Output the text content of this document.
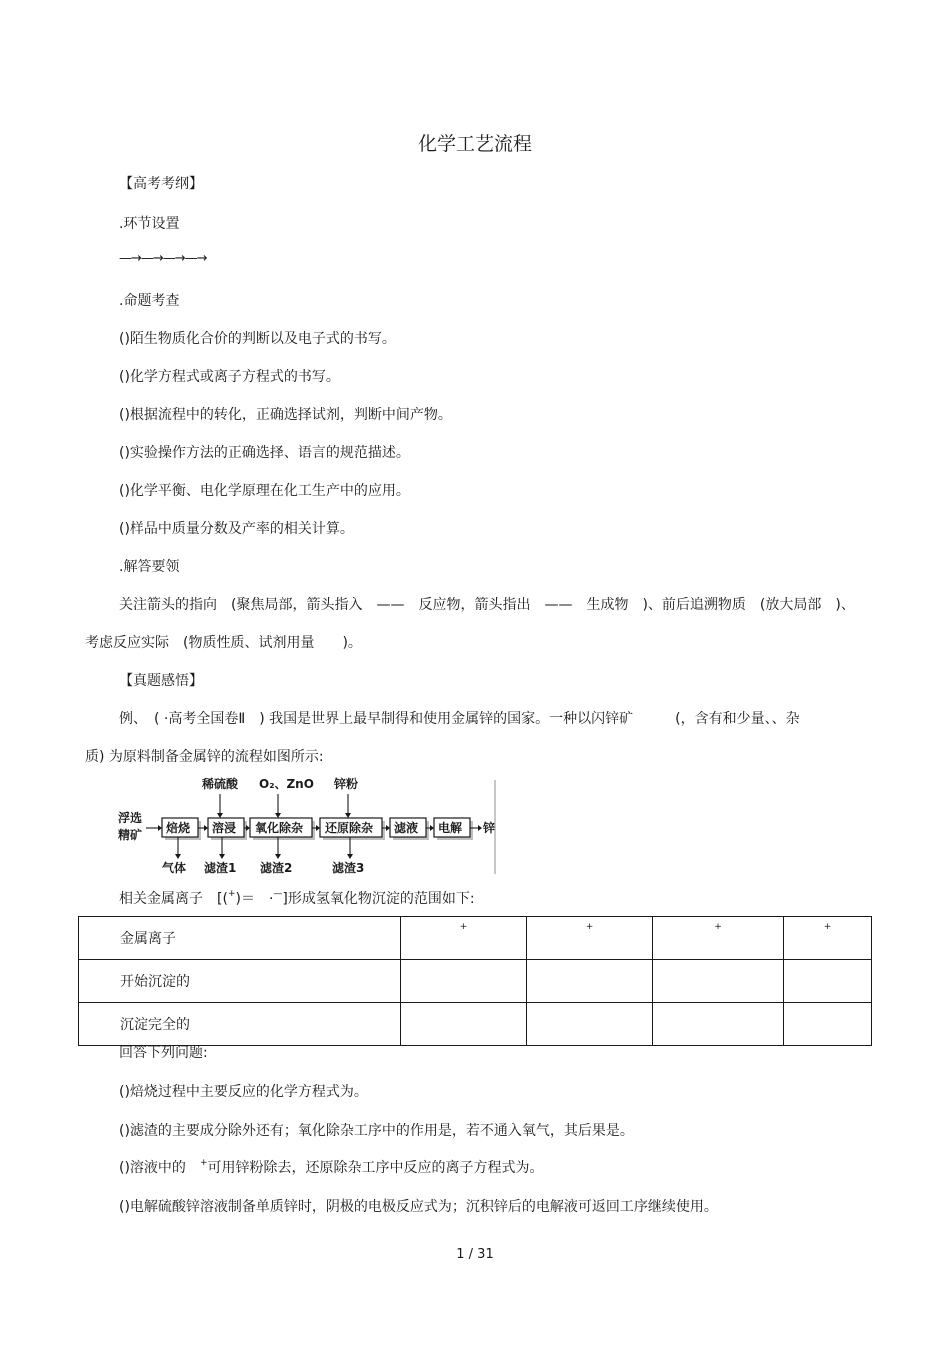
化学工艺流程
【高考考纲】
.环节设置
—→—→—→—→
.命题考查
()陌生物质化合价的判断以及电子式的书写。
()化学方程式或离子方程式的书写。
()根据流程中的转化，正确选择试剂，判断中间产物。
()实验操作方法的正确选择、语言的规范描述。
()化学平衡、电化学原理在化工生产中的应用。
()样品中质量分数及产率的相关计算。
.解答要领
关注箭头的指向　(聚焦局部，箭头指入　——　反应物，箭头指出　——　生成物　)、前后追溯物质　(放大局部　)、
考虑反应实际　(物质性质、试剂用量　　)。
【真题感悟】
例、　( ·高考全国卷Ⅱ　) 我国是世界上最早制得和使用金属锌的国家。一种以闪锌矿　　　(，含有和少量、、杂
质) 为原料制备金属锌的流程如图所示:
浮选
精矿 焙烧 溶浸 氧化除杂 还原除杂 滤液 电解 锌
稀硫酸 O₂、ZnO 锌粉
气体 滤渣1 滤渣2	滤渣3
相关金属离子　[(+)＝　·—]形成氢氧化物沉淀的范围如下:
金属离子	+	+	+	+
开始沉淀的				
沉淀完全的				
回答下列问题:
()焙烧过程中主要反应的化学方程式为。
()滤渣的主要成分除外还有；氧化除杂工序中的作用是，若不通入氧气，其后果是。
()溶液中的　+可用锌粉除去，还原除杂工序中反应的离子方程式为。
()电解硫酸锌溶液制备单质锌时，阴极的电极反应式为；沉积锌后的电解液可返回工序继续使用。
1 / 31
